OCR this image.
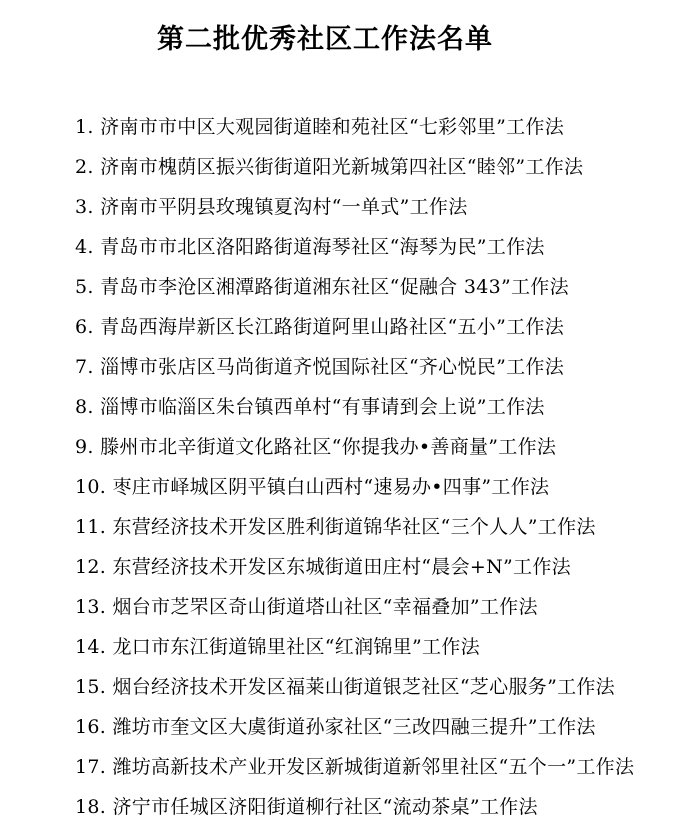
第二批优秀社区工作法名单
1. 济南市市中区大观园街道睦和苑社区“七彩邻里”工作法
2. 济南市槐荫区振兴街街道阳光新城第四社区“睦邻”工作法
3. 济南市平阴县玫瑰镇夏沟村“一单式”工作法
4. 青岛市市北区洛阳路街道海琴社区“海琴为民”工作法
5. 青岛市李沧区湘潭路街道湘东社区“促融合 343”工作法
6. 青岛西海岸新区长江路街道阿里山路社区“五小”工作法
7. 淄博市张店区马尚街道齐悦国际社区“齐心悦民”工作法
8. 淄博市临淄区朱台镇西单村“有事请到会上说”工作法
9. 滕州市北辛街道文化路社区“你提我办•善商量”工作法
10. 枣庄市峄城区阴平镇白山西村“速易办•四事”工作法
11. 东营经济技术开发区胜利街道锦华社区“三个人人”工作法
12. 东营经济技术开发区东城街道田庄村“晨会+N”工作法
13. 烟台市芝罘区奇山街道塔山社区“幸福叠加”工作法
14. 龙口市东江街道锦里社区“红润锦里”工作法
15. 烟台经济技术开发区福莱山街道银芝社区“芝心服务”工作法
16. 潍坊市奎文区大虞街道孙家社区“三改四融三提升”工作法
17. 潍坊高新技术产业开发区新城街道新邻里社区“五个一”工作法
18. 济宁市任城区济阳街道柳行社区“流动茶桌”工作法
